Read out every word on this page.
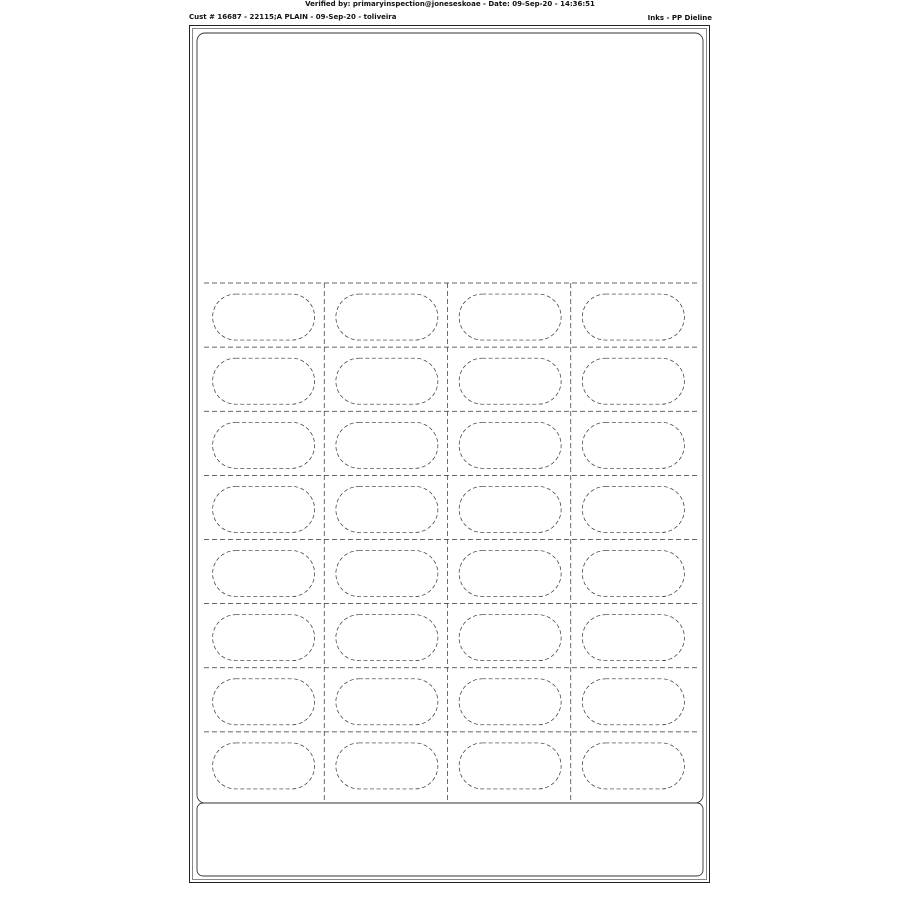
Verified by: primaryinspection@joneseskoae - Date: 09-Sep-20 - 14:36:51
Cust # 16687 - 22115;A PLAIN - 09-Sep-20 - toliveira	Inks - PP Dieline
